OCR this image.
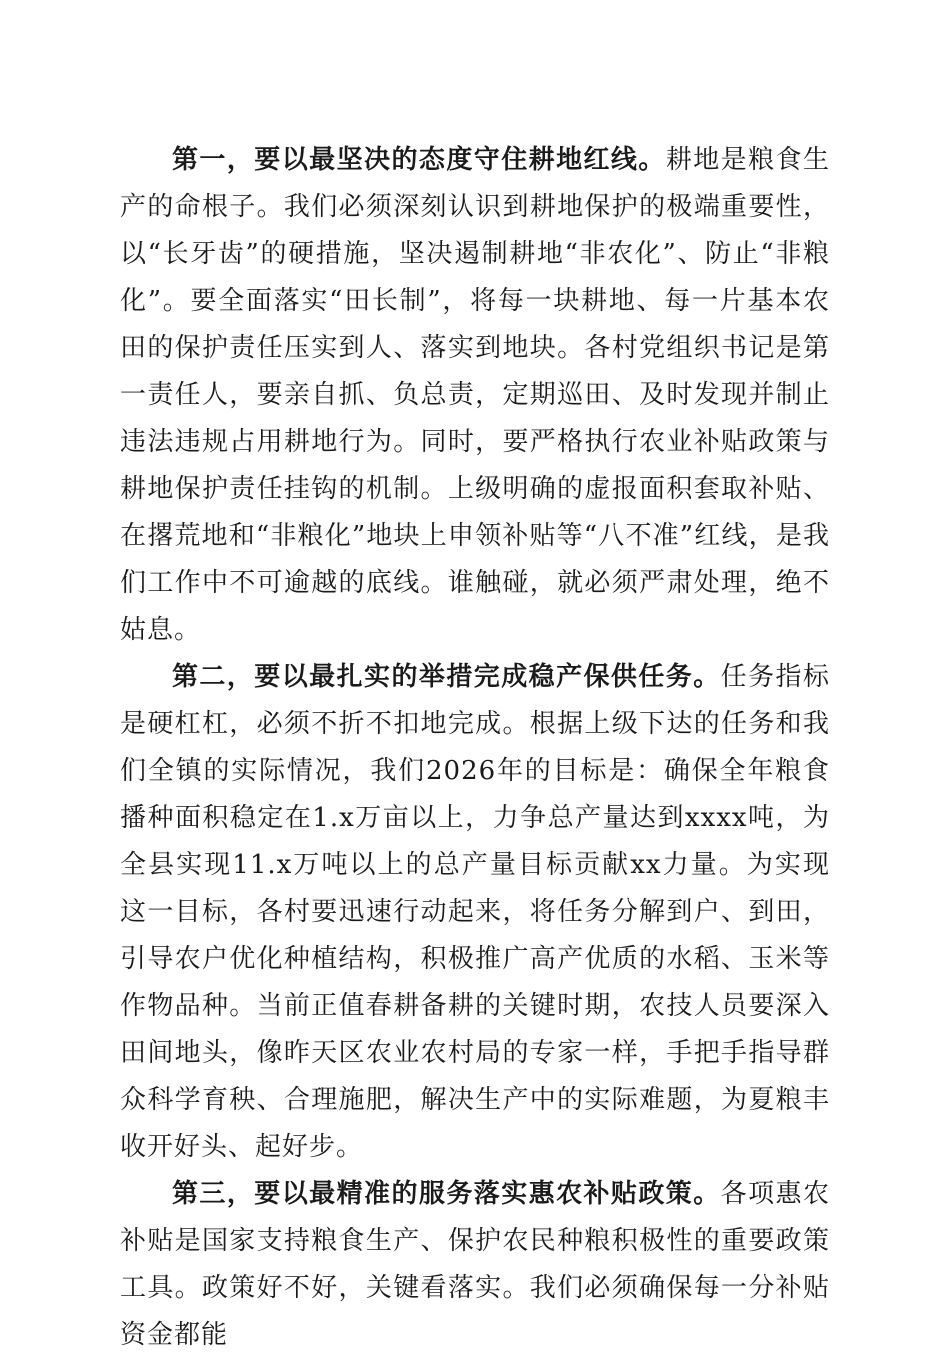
第一，要以最坚决的态度守住耕地红线。耕地是粮食生产的命根子。我们必须深刻认识到耕地保护的极端重要性，以“长牙齿”的硬措施，坚决遏制耕地“非农化”、防止“非粮化”。要全面落实“田长制”，将每一块耕地、每一片基本农田的保护责任压实到人、落实到地块。各村党组织书记是第一责任人，要亲自抓、负总责，定期巡田、及时发现并制止违法违规占用耕地行为。同时，要严格执行农业补贴政策与耕地保护责任挂钩的机制。上级明确的虚报面积套取补贴、在撂荒地和“非粮化”地块上申领补贴等“八不准”红线，是我们工作中不可逾越的底线。谁触碰，就必须严肃处理，绝不姑息。

第二，要以最扎实的举措完成稳产保供任务。任务指标是硬杠杠，必须不折不扣地完成。根据上级下达的任务和我们全镇的实际情况，我们2026年的目标是：确保全年粮食播种面积稳定在1.x万亩以上，力争总产量达到xxxx吨，为全县实现11.x万吨以上的总产量目标贡献xx力量。为实现这一目标，各村要迅速行动起来，将任务分解到户、到田，引导农户优化种植结构，积极推广高产优质的水稻、玉米等作物品种。当前正值春耕备耕的关键时期，农技人员要深入田间地头，像昨天区农业农村局的专家一样，手把手指导群众科学育秧、合理施肥，解决生产中的实际难题，为夏粮丰收开好头、起好步。

第三，要以最精准的服务落实惠农补贴政策。各项惠农补贴是国家支持粮食生产、保护农民种粮积极性的重要政策工具。政策好不好，关键看落实。我们必须确保每一分补贴资金都能
